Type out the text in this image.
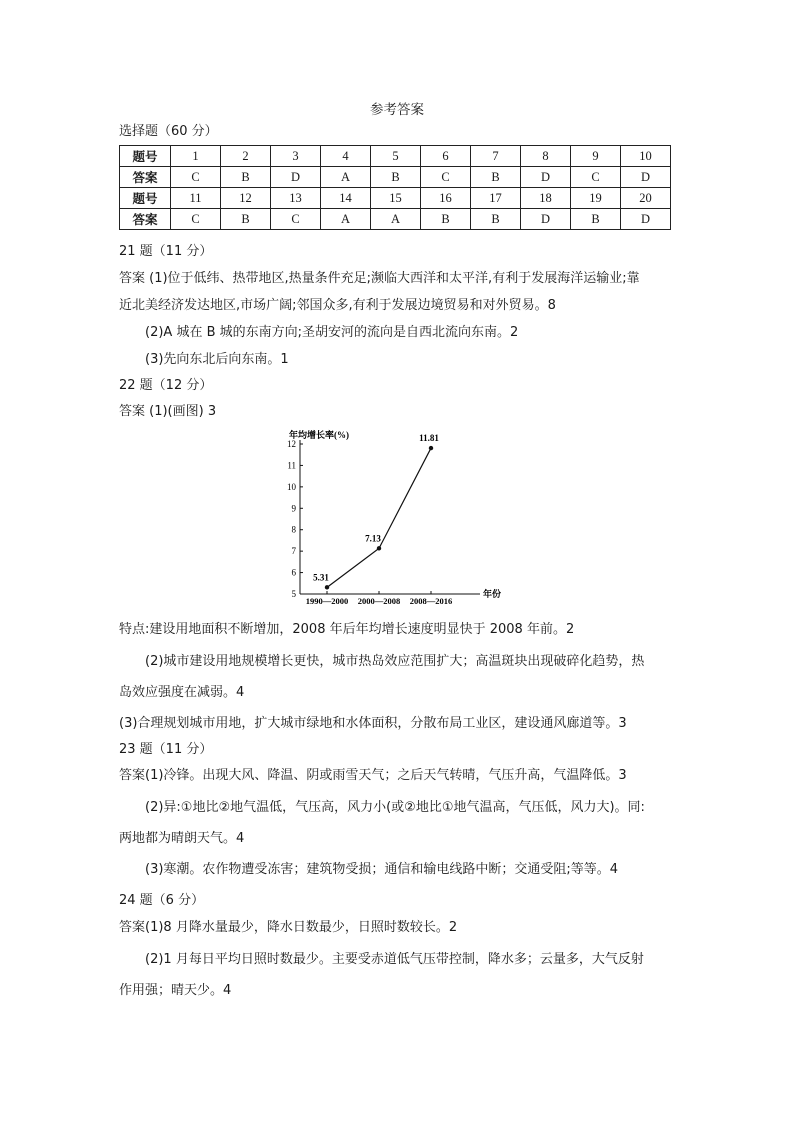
参考答案
选择题（60 分）
题号	1	2	3	4	5	6	7	8	9	10
答案	C	B	D	A	B	C	B	D	C	D
题号	11	12	13	14	15	16	17	18	19	20
答案	C	B	C	A	A	B	B	D	B	D
21 题（11 分）
答案 (1)位于低纬、热带地区,热量条件充足;濒临大西洋和太平洋,有利于发展海洋运输业;靠
近北美经济发达地区,市场广阔;邻国众多,有利于发展边境贸易和对外贸易。8
(2)A 城在 B 城的东南方向;圣胡安河的流向是自西北流向东南。2
(3)先向东北后向东南。1
22 题（12 分）
答案 (1)(画图) 3
年均增长率(%)
年份
5
6
7
8
9
10
11
12
1990—2000 2000—2008 2008—2016
5.31
7.13
11.81
特点:建设用地面积不断增加，2008 年后年均增长速度明显快于 2008 年前。2
(2)城市建设用地规模增长更快，城市热岛效应范围扩大；高温斑块出现破碎化趋势，热
岛效应强度在减弱。4
(3)合理规划城市用地，扩大城市绿地和水体面积，分散布局工业区，建设通风廊道等。3
23 题（11 分）
答案(1)冷锋。出现大风、降温、阴或雨雪天气；之后天气转晴，气压升高，气温降低。3
(2)异:①地比②地气温低，气压高，风力小(或②地比①地气温高，气压低，风力大)。同:
两地都为晴朗天气。4
(3)寒潮。农作物遭受冻害；建筑物受损；通信和输电线路中断；交通受阻;等等。4
24 题（6 分）
答案(1)8 月降水量最少，降水日数最少，日照时数较长。2
(2)1 月每日平均日照时数最少。主要受赤道低气压带控制，降水多；云量多，大气反射
作用强；晴天少。4
